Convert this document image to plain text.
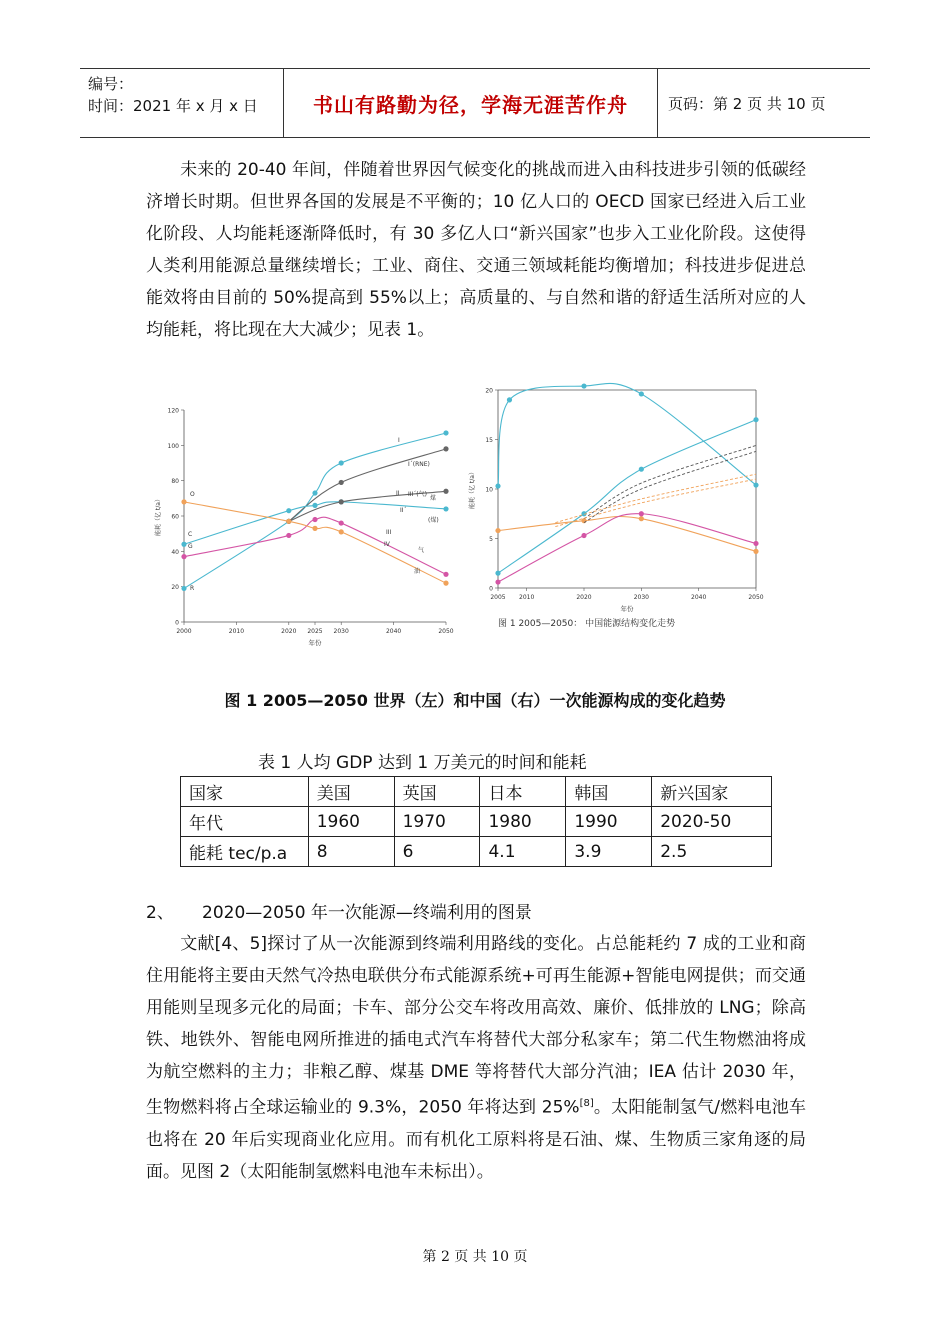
编号：
时间：2021 年 x 月 x 日	书山有路勤为径，学海无涯苦作舟	页码：第 2 页 共 10 页

未来的 20-40 年间，伴随着世界因气候变化的挑战而进入由科技进步引领的低碳经济增长时期。但世界各国的发展是不平衡的；10 亿人口的 OECD 国家已经进入后工业化阶段、人均能耗逐渐降低时，有 30 多亿人口“新兴国家”也步入工业化阶段。这使得人类利用能源总量继续增长；工业、商住、交通三领域耗能均衡增加；科技进步促进总能效将由目前的 50%提高到 55%以上；高质量的、与自然和谐的舒适生活所对应的人均能耗，将比现在大大减少；见表 1。

0
20
40
60
80
100
120
2000	2010	2020 2025 2030	2040	2050
年份
能耗（亿 t/a）
I
I´(RNE)
III´(气)
II
II´
III
IV
煤
(煤)
气
油
O
C
G
R	0
5
10
15
20
2005 2010	2020	2030	2040	2050
年份
能耗（亿 t/a）
图 1 2005—2050： 中国能源结构变化走势
图 1 2005—2050 世界（左）和中国（右）一次能源构成的变化趋势
表 1 人均 GDP 达到 1 万美元的时间和能耗
国家	美国	英国	日本	韩国	新兴国家
年代	1960	1970	1980	1990	2020-50
能耗 tec/p.a	8	6	4.1	3.9	2.5
2、 2020—2050 年一次能源—终端利用的图景

文献[4、5]探讨了从一次能源到终端利用路线的变化。占总能耗约 7 成的工业和商住用能将主要由天然气冷热电联供分布式能源系统+可再生能源+智能电网提供；而交通用能则呈现多元化的局面；卡车、部分公交车将改用高效、廉价、低排放的 LNG；除高铁、地铁外、智能电网所推进的插电式汽车将替代大部分私家车；第二代生物燃油将成为航空燃料的主力；非粮乙醇、煤基 DME 等将替代大部分汽油；IEA 估计 2030 年，生物燃料将占全球运输业的 9.3%，2050 年将达到 25%[8]。太阳能制氢气/燃料电池车也将在 20 年后实现商业化应用。而有机化工原料将是石油、煤、生物质三家角逐的局面。见图 2（太阳能制氢燃料电池车未标出）。

第 2 页 共 10 页
